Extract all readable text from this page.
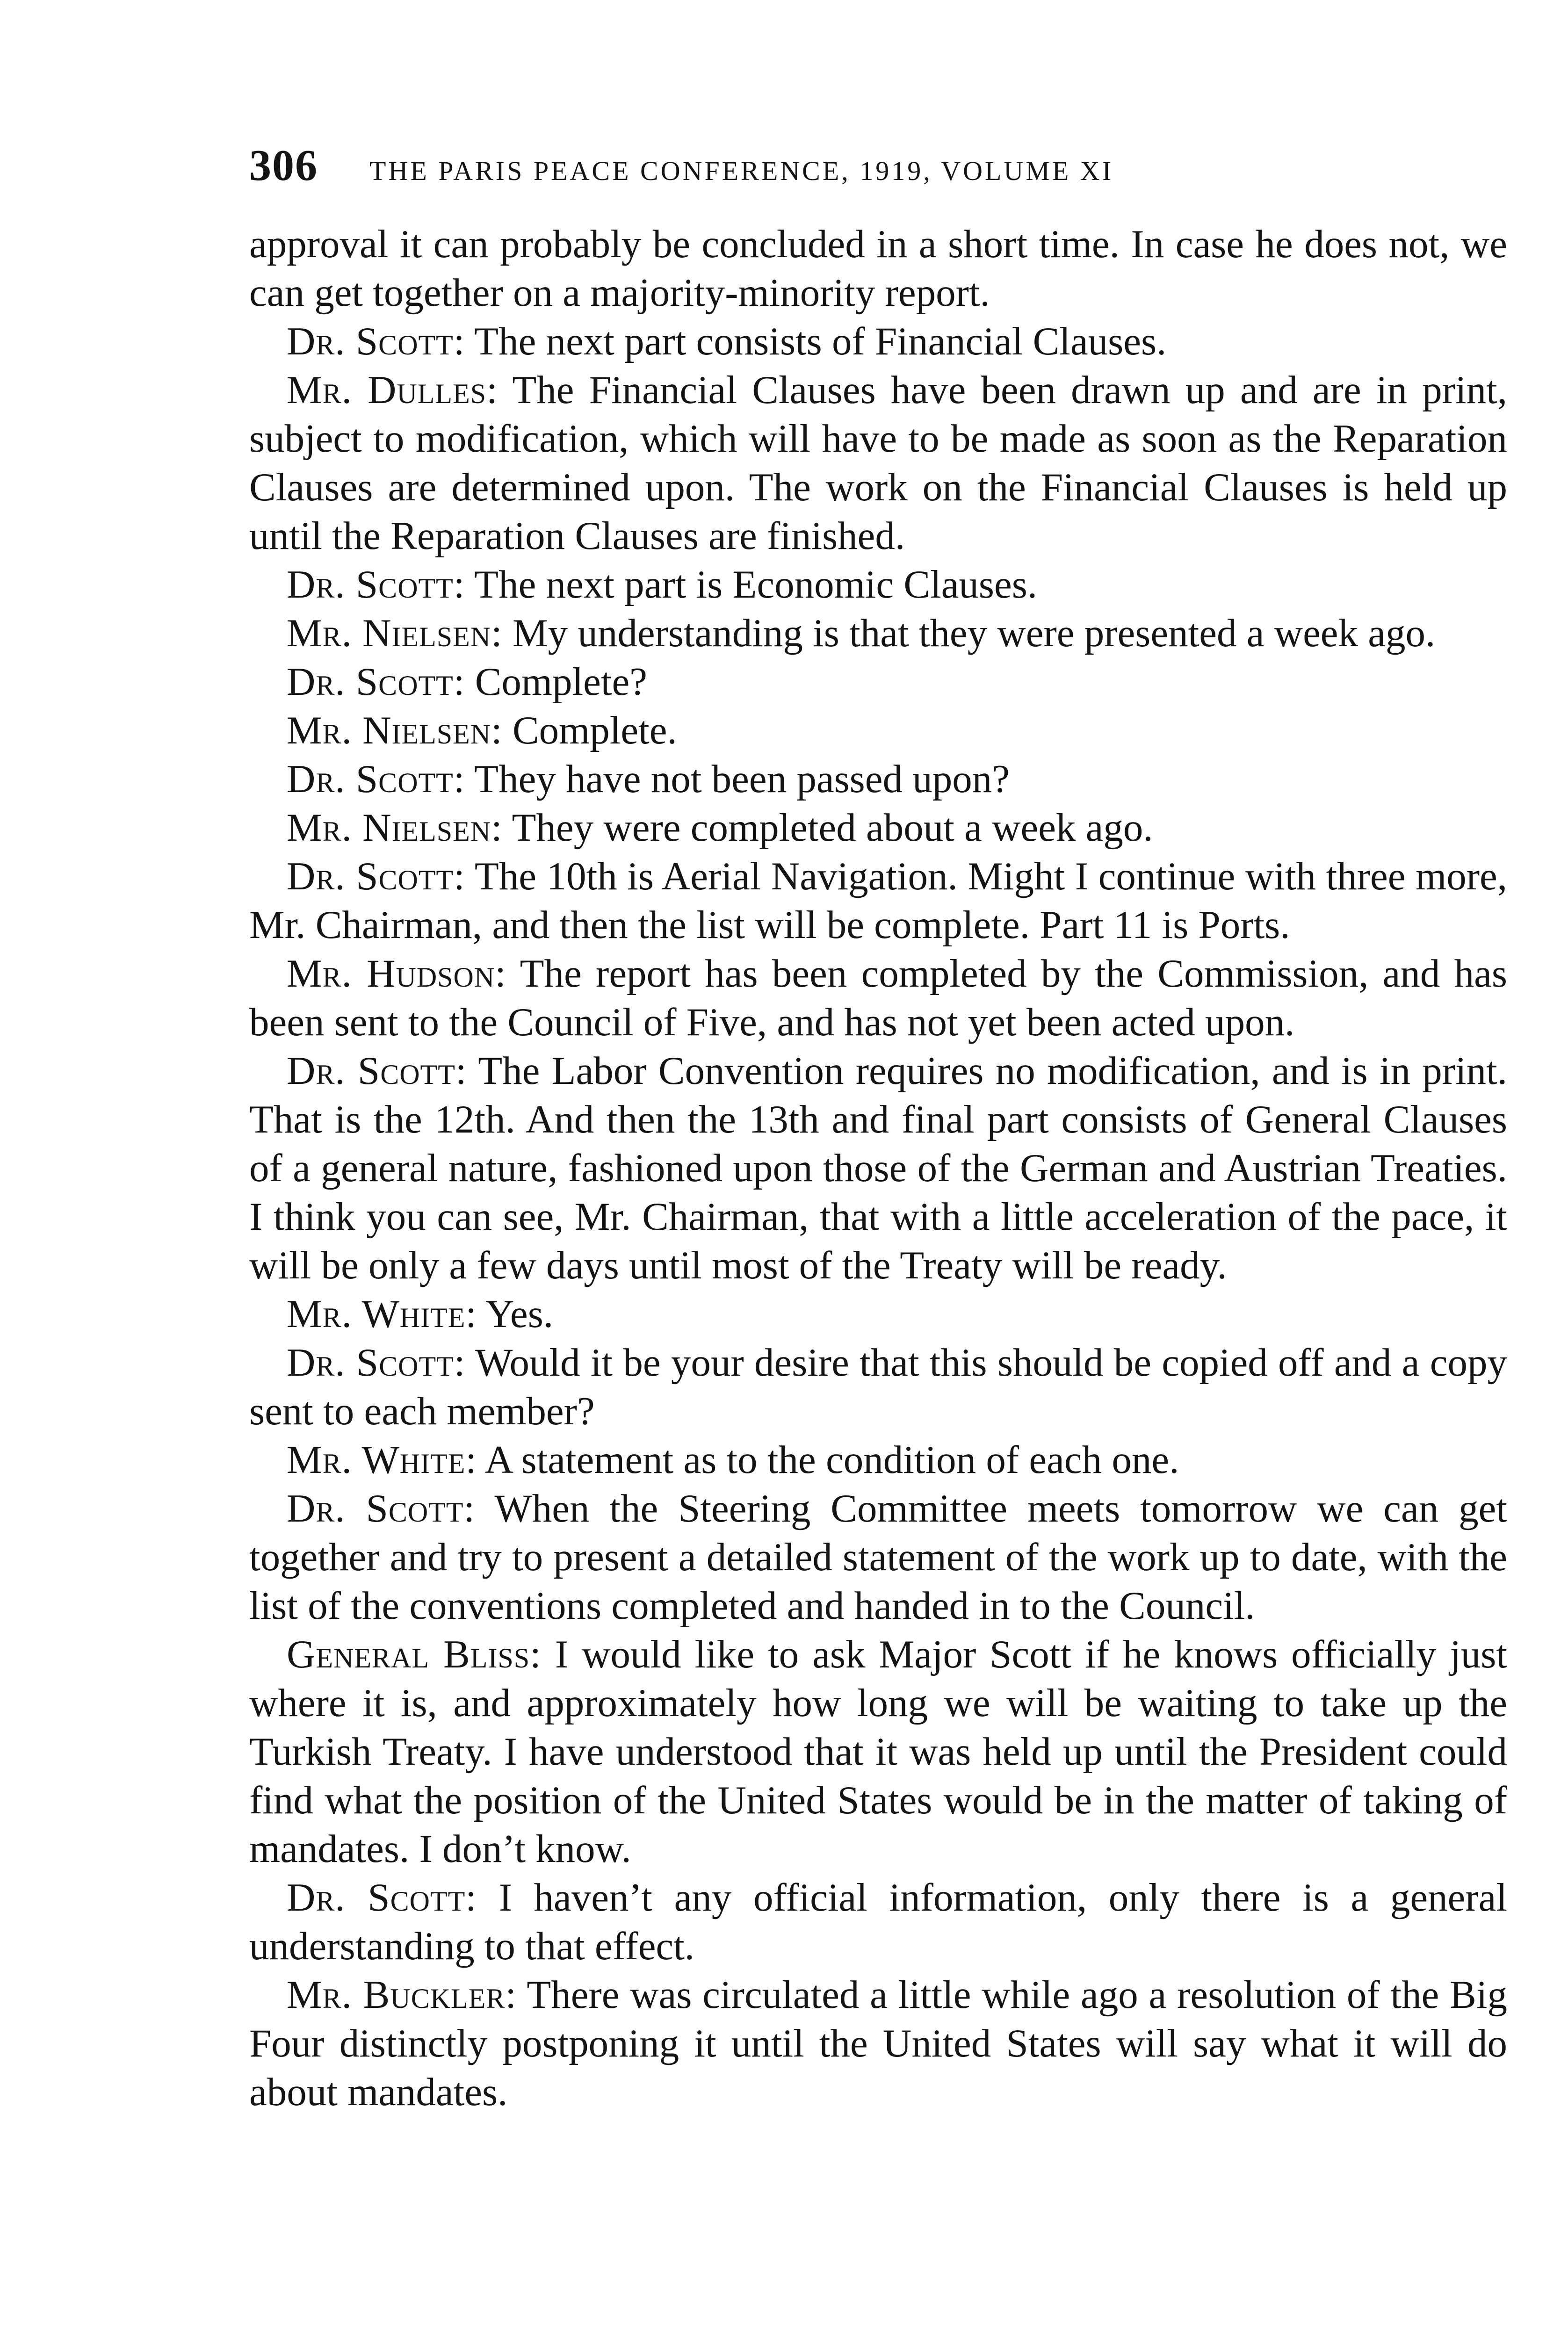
306 THE PARIS PEACE CONFERENCE, 1919, VOLUME XI

approval it can probably be concluded in a short time. In case he does not, we can get together on a majority-minority report.

Dr. Scott: The next part consists of Financial Clauses.

Mr. Dulles: The Financial Clauses have been drawn up and are in print, subject to modification, which will have to be made as soon as the Reparation Clauses are determined upon. The work on the Financial Clauses is held up until the Reparation Clauses are finished.

Dr. Scott: The next part is Economic Clauses.

Mr. Nielsen: My understanding is that they were presented a week ago.

Dr. Scott: Complete?

Mr. Nielsen: Complete.

Dr. Scott: They have not been passed upon?

Mr. Nielsen: They were completed about a week ago.

Dr. Scott: The 10th is Aerial Navigation. Might I continue with three more, Mr. Chairman, and then the list will be complete. Part 11 is Ports.

Mr. Hudson: The report has been completed by the Commission, and has been sent to the Council of Five, and has not yet been acted upon.

Dr. Scott: The Labor Convention requires no modification, and is in print. That is the 12th. And then the 13th and final part consists of General Clauses of a general nature, fashioned upon those of the German and Austrian Treaties. I think you can see, Mr. Chairman, that with a little acceleration of the pace, it will be only a few days until most of the Treaty will be ready.

Mr. White: Yes.

Dr. Scott: Would it be your desire that this should be copied off and a copy sent to each member?

Mr. White: A statement as to the condition of each one.

Dr. Scott: When the Steering Committee meets tomorrow we can get together and try to present a detailed statement of the work up to date, with the list of the conventions completed and handed in to the Council.

General Bliss: I would like to ask Major Scott if he knows officially just where it is, and approximately how long we will be waiting to take up the Turkish Treaty. I have understood that it was held up until the President could find what the position of the United States would be in the matter of taking of mandates. I don’t know.

Dr. Scott: I haven’t any official information, only there is a general understanding to that effect.

Mr. Buckler: There was circulated a little while ago a resolution of the Big Four distinctly postponing it until the United States will say what it will do about mandates.
